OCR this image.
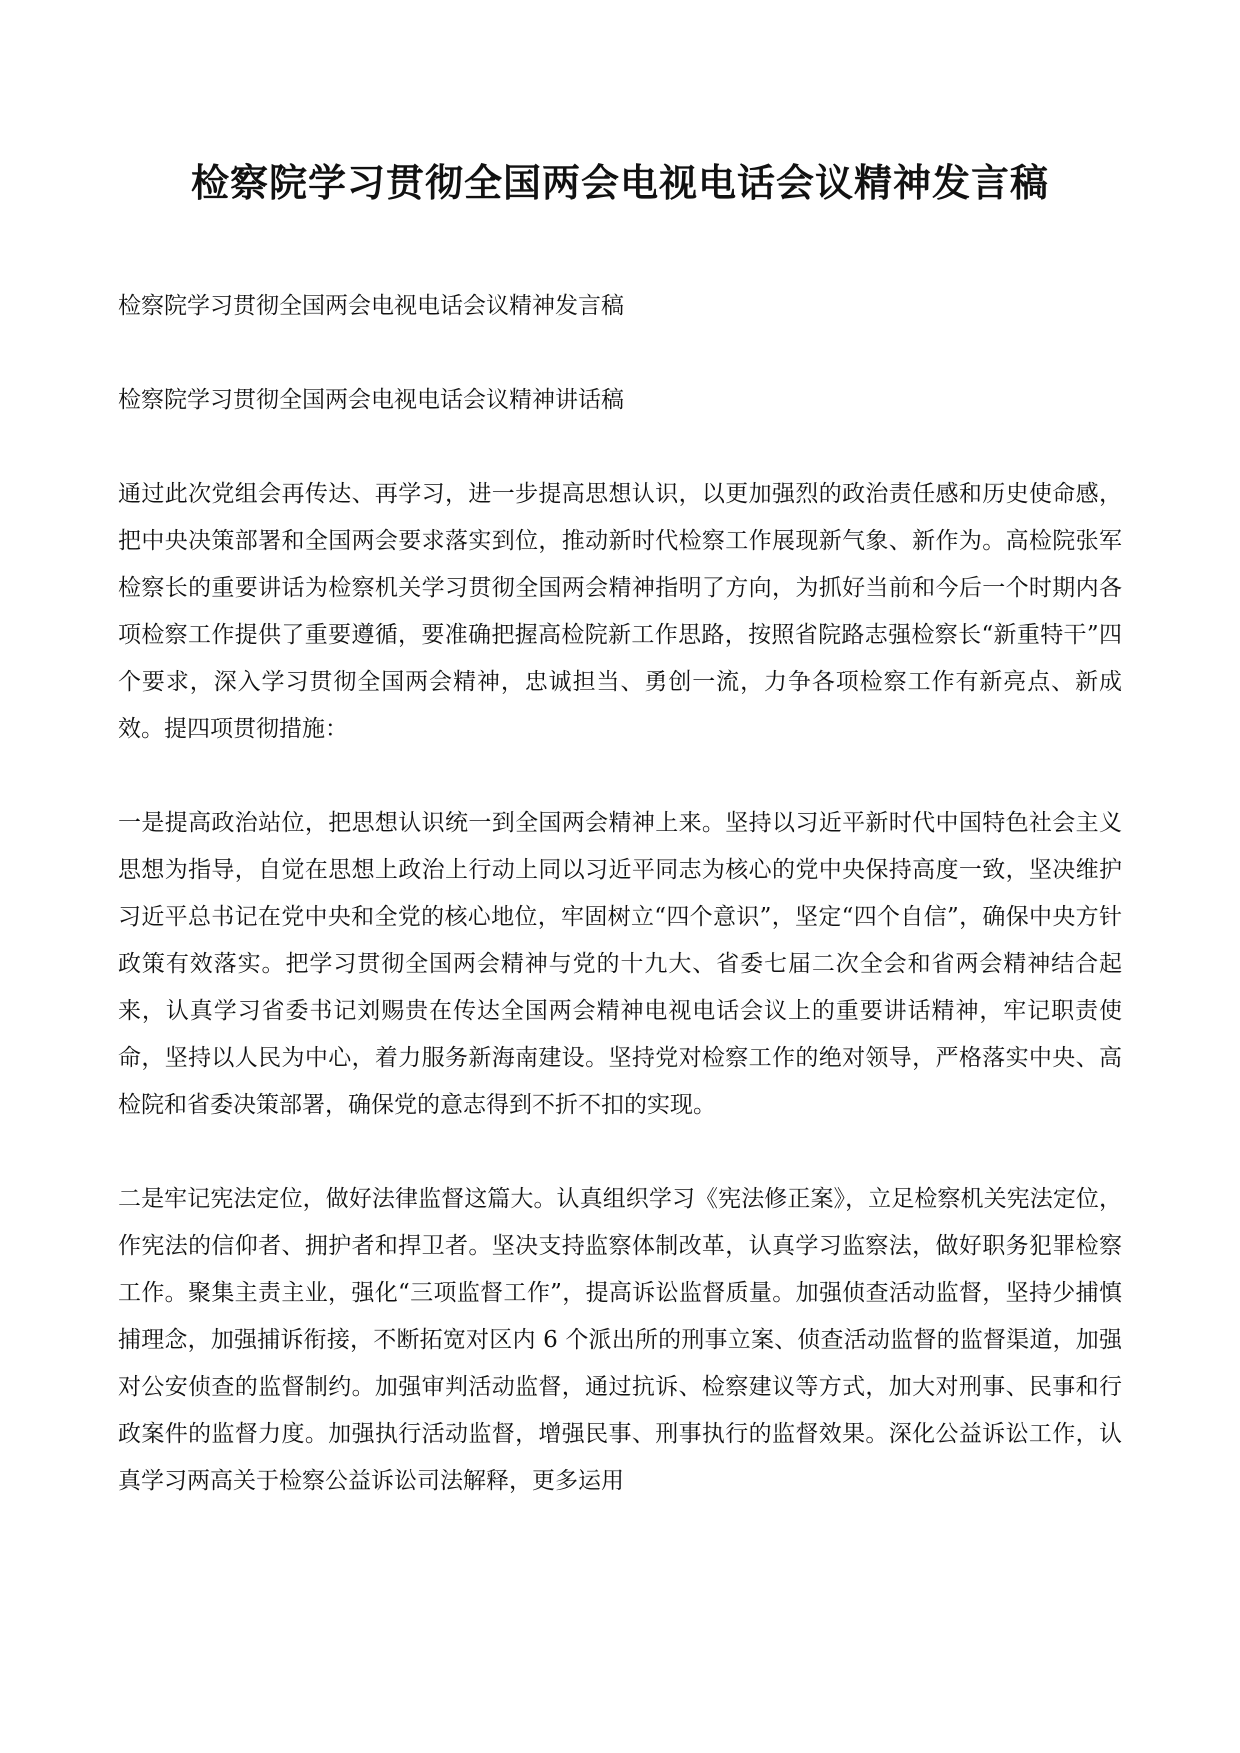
检察院学习贯彻全国两会电视电话会议精神发言稿

检察院学习贯彻全国两会电视电话会议精神发言稿

检察院学习贯彻全国两会电视电话会议精神讲话稿

通过此次党组会再传达、再学习，进一步提高思想认识，以更加强烈的政治责任感和历史使命感，把中央决策部署和全国两会要求落实到位，推动新时代检察工作展现新气象、新作为。高检院张军检察长的重要讲话为检察机关学习贯彻全国两会精神指明了方向，为抓好当前和今后一个时期内各项检察工作提供了重要遵循，要准确把握高检院新工作思路，按照省院路志强检察长“新重特干”四个要求，深入学习贯彻全国两会精神，忠诚担当、勇创一流，力争各项检察工作有新亮点、新成效。提四项贯彻措施：

一是提高政治站位，把思想认识统一到全国两会精神上来。坚持以习近平新时代中国特色社会主义思想为指导，自觉在思想上政治上行动上同以习近平同志为核心的党中央保持高度一致，坚决维护习近平总书记在党中央和全党的核心地位，牢固树立“四个意识”，坚定“四个自信”，确保中央方针政策有效落实。把学习贯彻全国两会精神与党的十九大、省委七届二次全会和省两会精神结合起来，认真学习省委书记刘赐贵在传达全国两会精神电视电话会议上的重要讲话精神，牢记职责使命，坚持以人民为中心，着力服务新海南建设。坚持党对检察工作的绝对领导，严格落实中央、高检院和省委决策部署，确保党的意志得到不折不扣的实现。

二是牢记宪法定位，做好法律监督这篇大。认真组织学习《宪法修正案》，立足检察机关宪法定位，作宪法的信仰者、拥护者和捍卫者。坚决支持监察体制改革，认真学习监察法，做好职务犯罪检察工作。聚集主责主业，强化“三项监督工作”，提高诉讼监督质量。加强侦查活动监督，坚持少捕慎捕理念，加强捕诉衔接，不断拓宽对区内 6 个派出所的刑事立案、侦查活动监督的监督渠道，加强对公安侦查的监督制约。加强审判活动监督，通过抗诉、检察建议等方式，加大对刑事、民事和行政案件的监督力度。加强执行活动监督，增强民事、刑事执行的监督效果。深化公益诉讼工作，认真学习两高关于检察公益诉讼司法解释，更多运用
